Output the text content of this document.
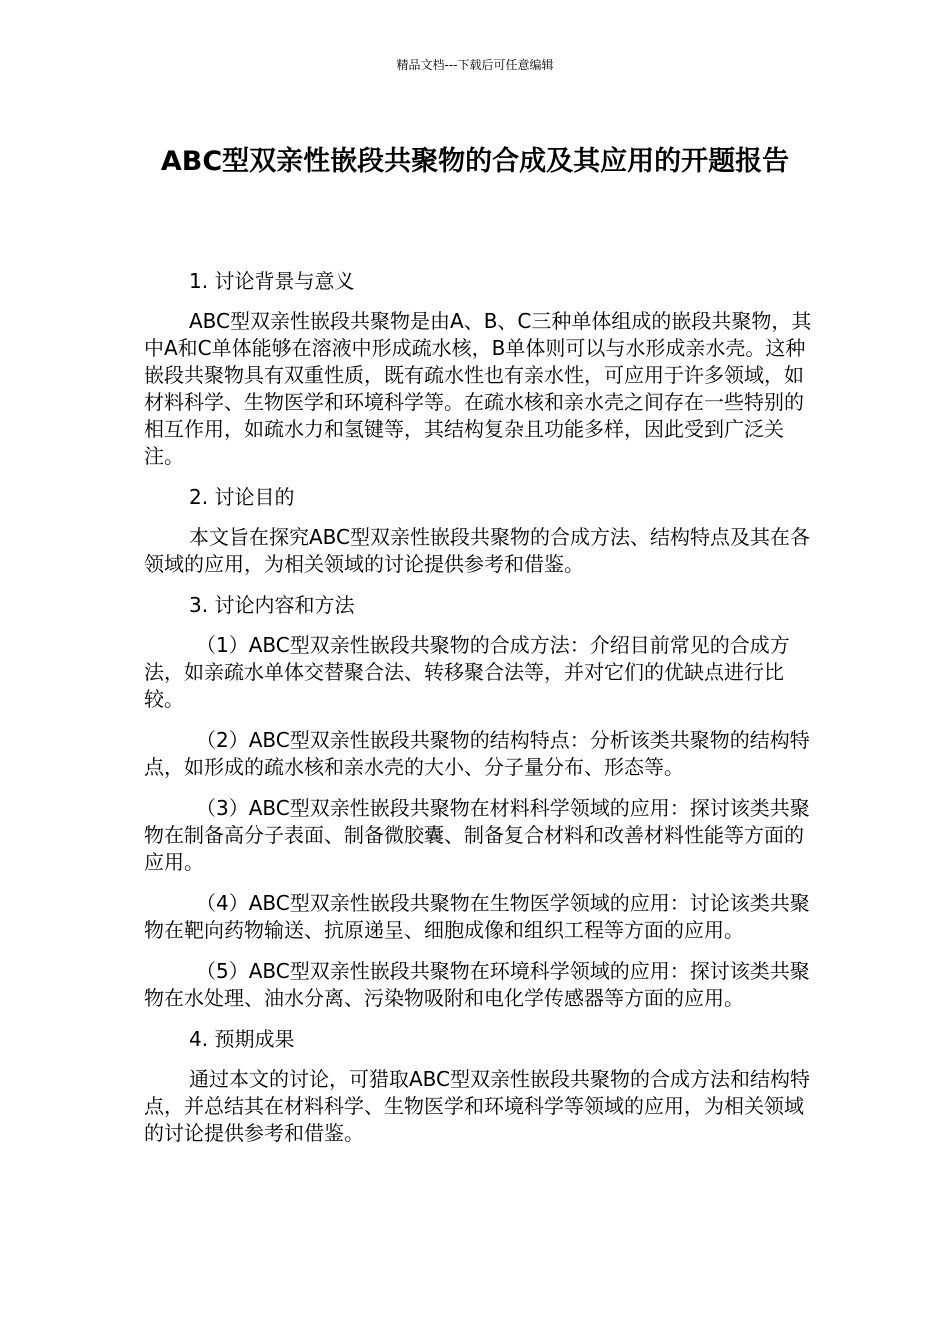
精品文档---下载后可任意编辑
ABC型双亲性嵌段共聚物的合成及其应用的开题报告

1. 讨论背景与意义

ABC型双亲性嵌段共聚物是由A、B、C三种单体组成的嵌段共聚物，其中A和C单体能够在溶液中形成疏水核，B单体则可以与水形成亲水壳。这种嵌段共聚物具有双重性质，既有疏水性也有亲水性，可应用于许多领域，如材料科学、生物医学和环境科学等。在疏水核和亲水壳之间存在一些特别的相互作用，如疏水力和氢键等，其结构复杂且功能多样，因此受到广泛关注。

2. 讨论目的

本文旨在探究ABC型双亲性嵌段共聚物的合成方法、结构特点及其在各领域的应用，为相关领域的讨论提供参考和借鉴。

3. 讨论内容和方法

（1）ABC型双亲性嵌段共聚物的合成方法：介绍目前常见的合成方法，如亲疏水单体交替聚合法、转移聚合法等，并对它们的优缺点进行比较。

（2）ABC型双亲性嵌段共聚物的结构特点：分析该类共聚物的结构特点，如形成的疏水核和亲水壳的大小、分子量分布、形态等。

（3）ABC型双亲性嵌段共聚物在材料科学领域的应用：探讨该类共聚物在制备高分子表面、制备微胶囊、制备复合材料和改善材料性能等方面的应用。

（4）ABC型双亲性嵌段共聚物在生物医学领域的应用：讨论该类共聚物在靶向药物输送、抗原递呈、细胞成像和组织工程等方面的应用。

（5）ABC型双亲性嵌段共聚物在环境科学领域的应用：探讨该类共聚物在水处理、油水分离、污染物吸附和电化学传感器等方面的应用。

4. 预期成果

通过本文的讨论，可猎取ABC型双亲性嵌段共聚物的合成方法和结构特点，并总结其在材料科学、生物医学和环境科学等领域的应用，为相关领域的讨论提供参考和借鉴。
